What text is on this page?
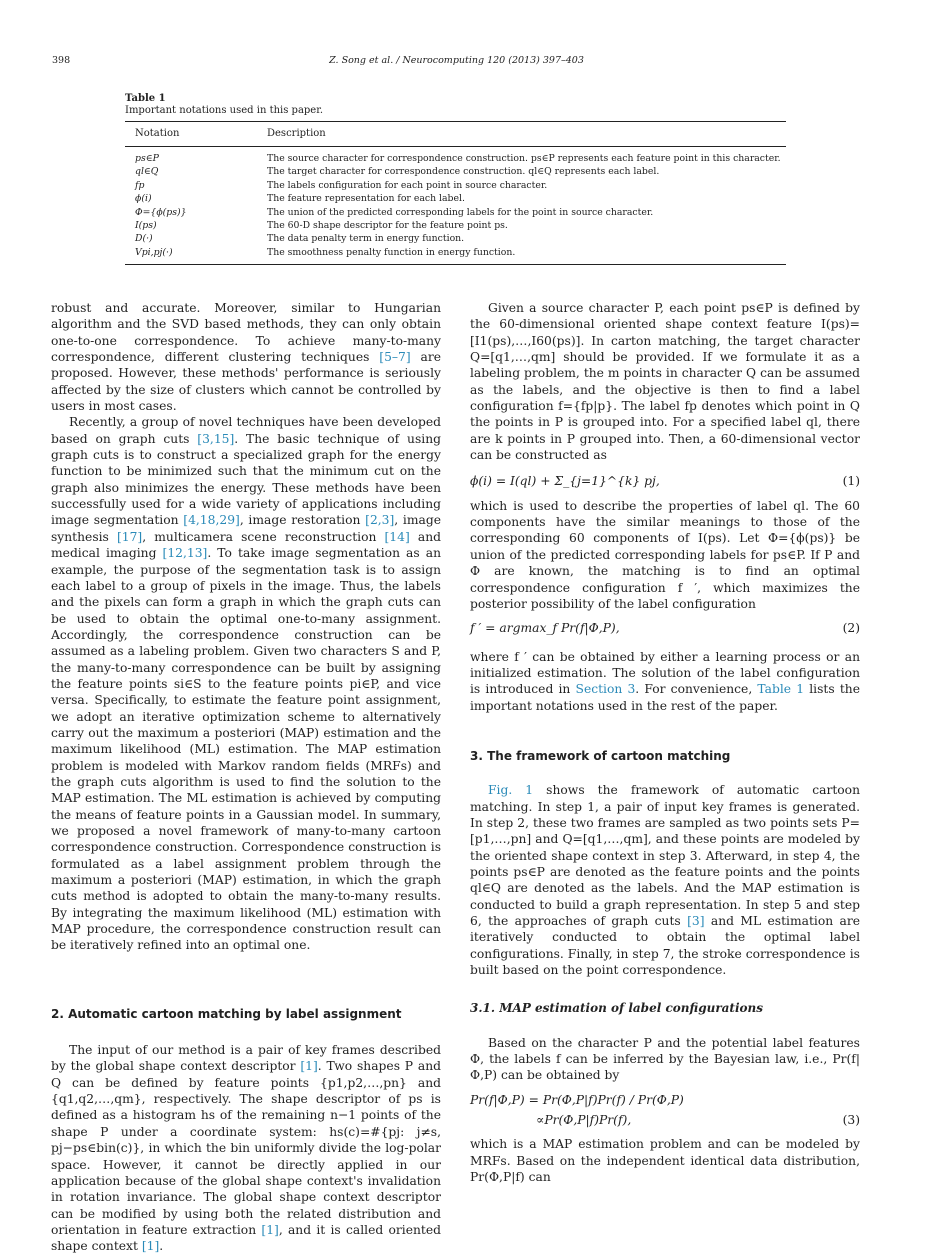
398	Z. Song et al. / Neurocomputing 120 (2013) 397–403
Table 1
Important notations used in this paper.
Notation	Description
ps∈P	The source character for correspondence construction. ps∈P represents each feature point in this character.
ql∈Q	The target character for correspondence construction. ql∈Q represents each label.
fp	The labels configuration for each point in source character.
ϕ(i)	The feature representation for each label.
Φ={ϕ(ps)}	The union of the predicted corresponding labels for the point in source character.
I(ps)	The 60-D shape descriptor for the feature point ps.
D(·)	The data penalty term in energy function.
Vpi,pj(·)	The smoothness penalty function in energy function.

robust and accurate. Moreover, similar to Hungarian algorithm and the SVD based methods, they can only obtain one-to-one correspondence. To achieve many-to-many correspondence, different clustering techniques [5–7] are proposed. However, these methods' performance is seriously affected by the size of clusters which cannot be controlled by users in most cases.

Recently, a group of novel techniques have been developed based on graph cuts [3,15]. The basic technique of using graph cuts is to construct a specialized graph for the energy function to be minimized such that the minimum cut on the graph also minimizes the energy. These methods have been successfully used for a wide variety of applications including image segmentation [4,18,29], image restoration [2,3], image synthesis [17], multicamera scene reconstruction [14] and medical imaging [12,13]. To take image segmentation as an example, the purpose of the segmentation task is to assign each label to a group of pixels in the image. Thus, the labels and the pixels can form a graph in which the graph cuts can be used to obtain the optimal one-to-many assignment. Accordingly, the correspondence construction can be assumed as a labeling problem. Given two characters S and P, the many-to-many correspondence can be built by assigning the feature points si∈S to the feature points pi∈P, and vice versa. Specifically, to estimate the feature point assignment, we adopt an iterative optimization scheme to alternatively carry out the maximum a posteriori (MAP) estimation and the maximum likelihood (ML) estimation. The MAP estimation problem is modeled with Markov random fields (MRFs) and the graph cuts algorithm is used to find the solution to the MAP estimation. The ML estimation is achieved by computing the means of feature points in a Gaussian model. In summary, we proposed a novel framework of many-to-many cartoon correspondence construction. Correspondence construction is formulated as a label assignment problem through the maximum a posteriori (MAP) estimation, in which the graph cuts method is adopted to obtain the many-to-many results. By integrating the maximum likelihood (ML) estimation with MAP procedure, the correspondence construction result can be iteratively refined into an optimal one.

2. Automatic cartoon matching by label assignment

The input of our method is a pair of key frames described by the global shape context descriptor [1]. Two shapes P and Q can be defined by feature points {p1,p2,…,pn} and {q1,q2,…,qm}, respectively. The shape descriptor of ps is defined as a histogram hs of the remaining n−1 points of the shape P under a coordinate system: hs(c)=#{pj: j≠s, pj−ps∈bin(c)}, in which the bin uniformly divide the log-polar space. However, it cannot be directly applied in our application because of the global shape context's invalidation in rotation invariance. The global shape context descriptor can be modified by using both the related distribution and orientation in feature extraction [1], and it is called oriented shape context [1].

Given a source character P, each point ps∈P is defined by the 60-dimensional oriented shape context feature I(ps)=[I1(ps),…,I60(ps)]. In carton matching, the target character Q=[q1,…,qm] should be provided. If we formulate it as a labeling problem, the m points in character Q can be assumed as the labels, and the objective is then to find a label configuration f={fp|p}. The label fp denotes which point in Q the points in P is grouped into. For a specified label ql, there are k points in P grouped into. Then, a 60-dimensional vector can be constructed as

ϕ(i) = I(ql) + Σ_{j=1}^{k} pj,	(1)

which is used to describe the properties of label ql. The 60 components have the similar meanings to those of the corresponding 60 components of I(ps). Let Φ={ϕ(ps)} be union of the predicted corresponding labels for ps∈P. If P and Φ are known, the matching is to find an optimal correspondence configuration f ′, which maximizes the posterior possibility of the label configuration

f ′ = argmax_f Pr(f|Φ,P),	(2)

where f ′ can be obtained by either a learning process or an initialized estimation. The solution of the label configuration is introduced in Section 3. For convenience, Table 1 lists the important notations used in the rest of the paper.

3. The framework of cartoon matching

Fig. 1 shows the framework of automatic cartoon matching. In step 1, a pair of input key frames is generated. In step 2, these two frames are sampled as two points sets P=[p1,…,pn] and Q=[q1,…,qm], and these points are modeled by the oriented shape context in step 3. Afterward, in step 4, the points ps∈P are denoted as the feature points and the points ql∈Q are denoted as the labels. And the MAP estimation is conducted to build a graph representation. In step 5 and step 6, the approaches of graph cuts [3] and ML estimation are iteratively conducted to obtain the optimal label configurations. Finally, in step 7, the stroke correspondence is built based on the point correspondence.

3.1. MAP estimation of label configurations

Based on the character P and the potential label features Φ, the labels f can be inferred by the Bayesian law, i.e., Pr(f|Φ,P) can be obtained by

Pr(f|Φ,P) = Pr(Φ,P|f)Pr(f) / Pr(Φ,P)
∝Pr(Φ,P|f)Pr(f),	(3)

which is a MAP estimation problem and can be modeled by MRFs. Based on the independent identical data distribution, Pr(Φ,P|f) can
